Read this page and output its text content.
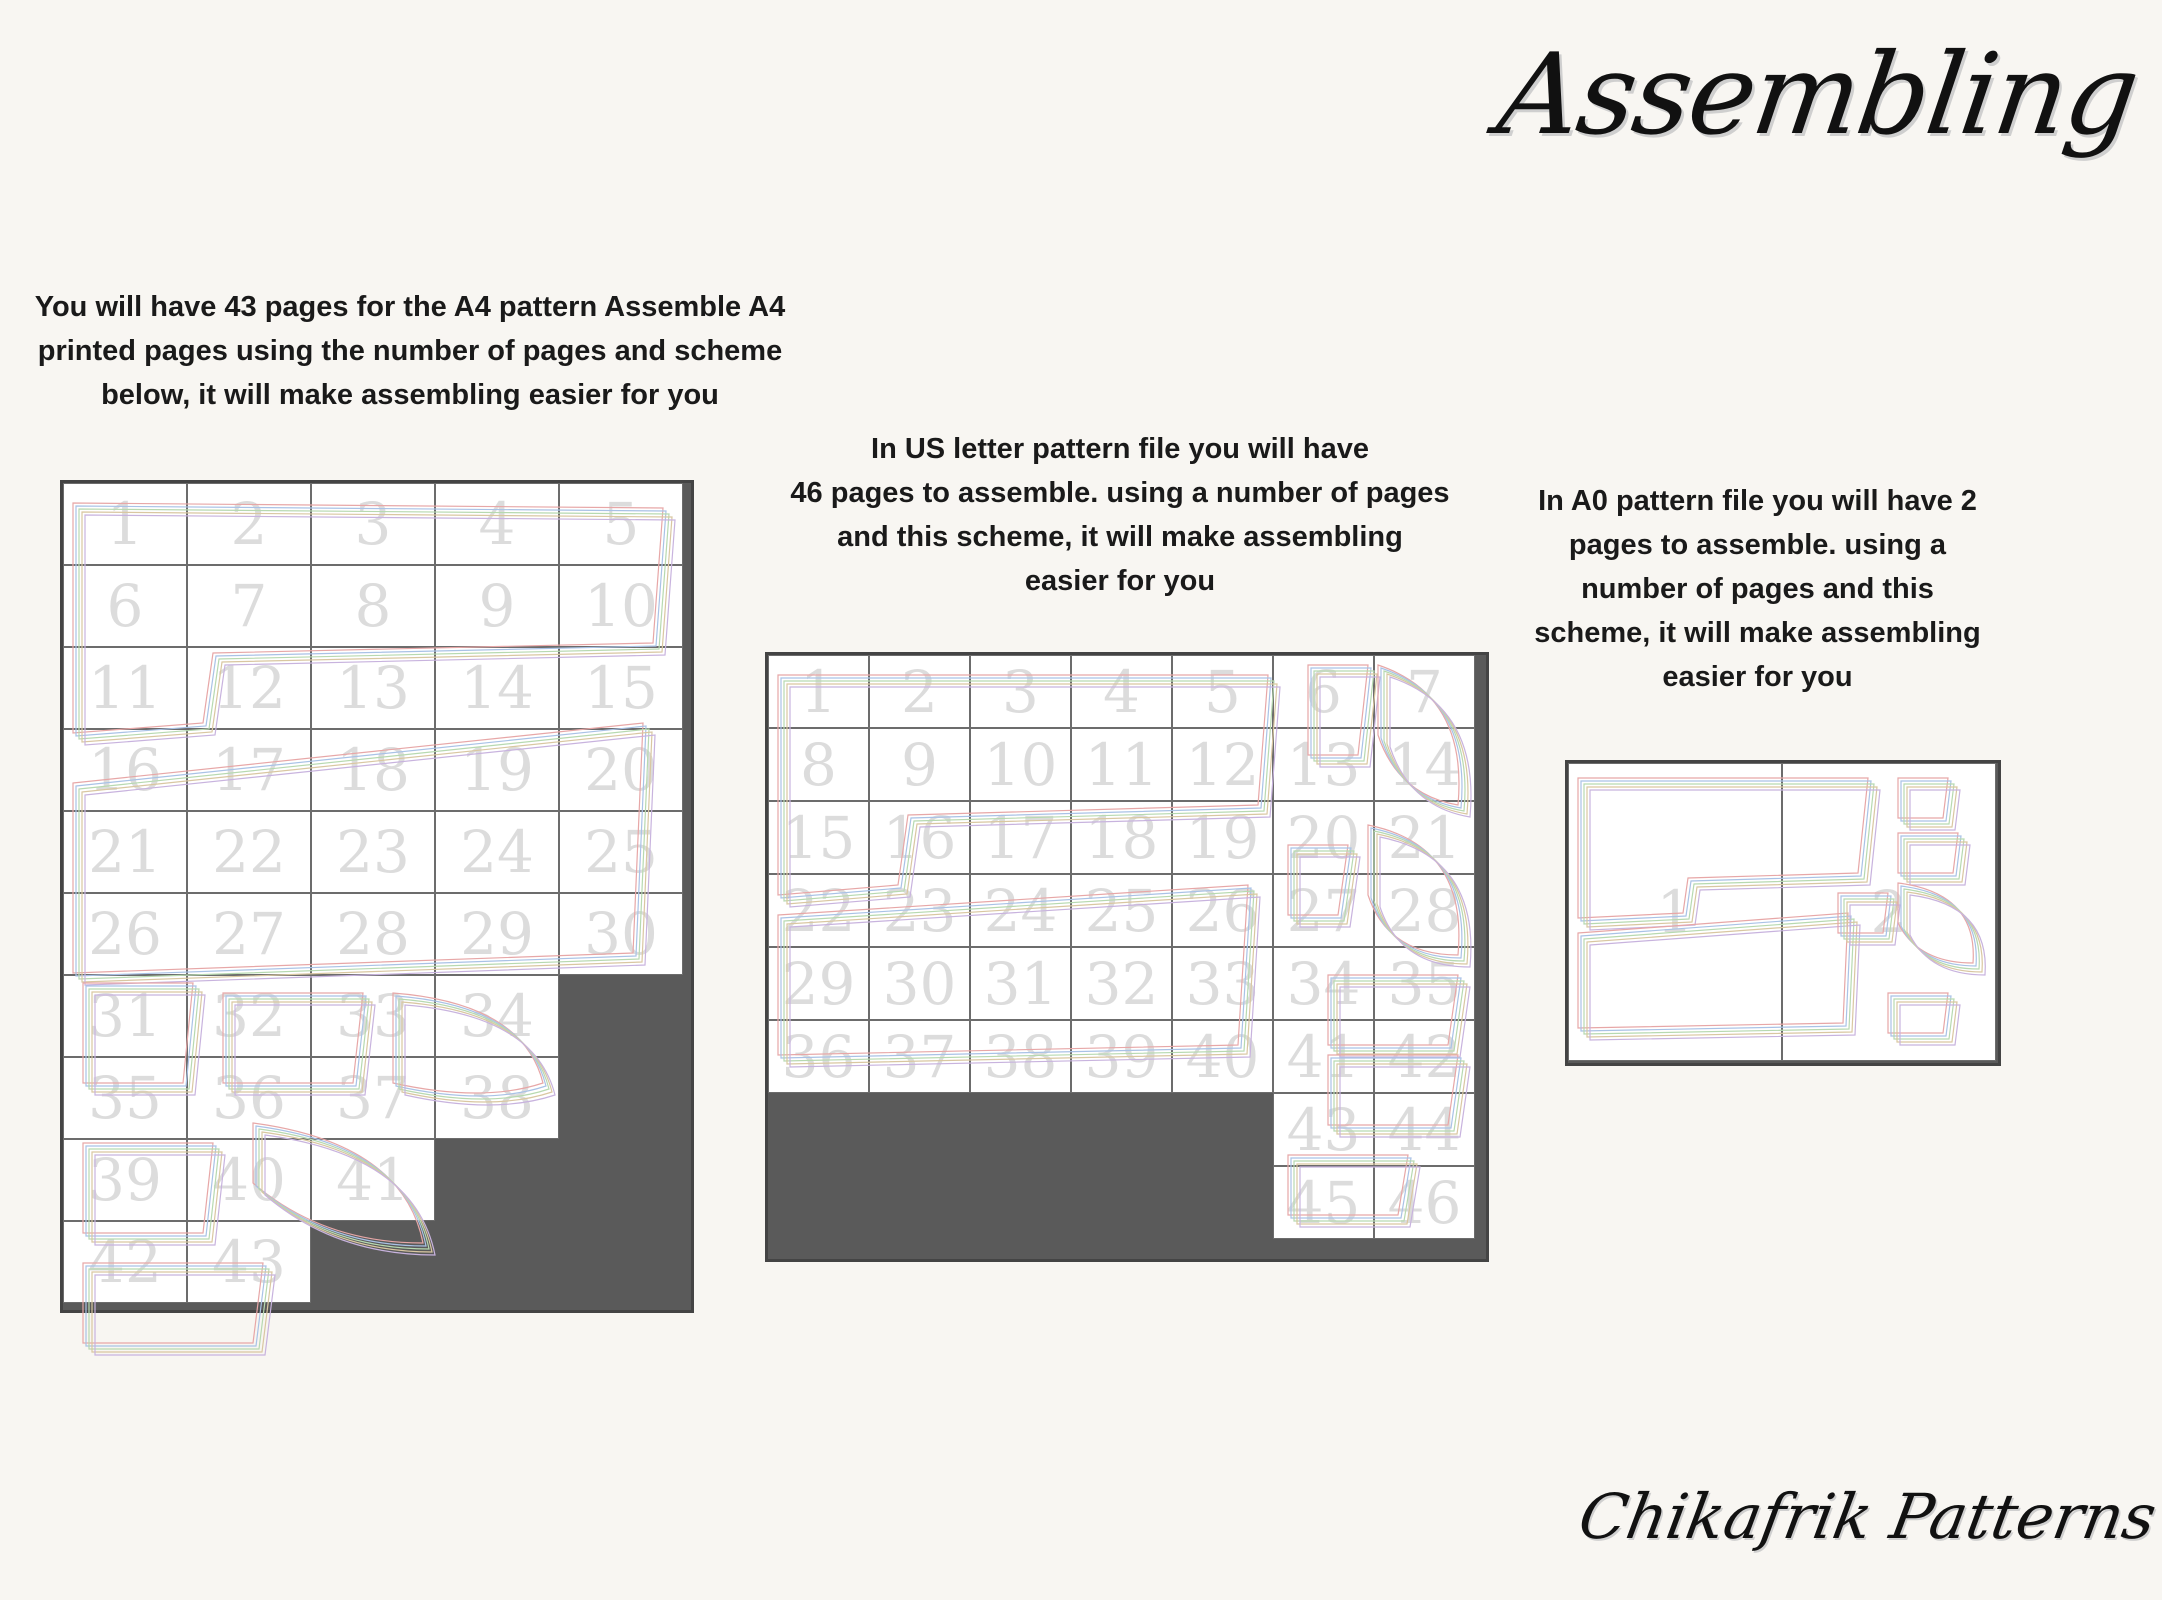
Assembling
You will have 43 pages for the A4 pattern Assemble A4
printed pages using the number of pages and scheme
below, it will make assembling easier for you
In US letter pattern file you will have
46 pages to assemble. using a number of pages
and this scheme, it will make assembling
easier for you
In A0 pattern file you will have 2
pages to assemble. using a
number of pages and this
scheme, it will make assembling
easier for you
1	2	3	4	5
6	7	8	9	10
11 12 13 14 15
16 17 18 19 20
21 22 23 24 25
26 27 28 29 30
31 32 33 34
35 36 37 38
39 40 41
42 43
1	2	3	4	5	6	7
8	9 10 11 12 13 14
15 16 17 18 19 20 21
22 23 24 25 26 27 28
29 30 31 32 33 34 35
36 37 38 39 40 41 42
43 44
45 46
1	2
Chikafrik Patterns
